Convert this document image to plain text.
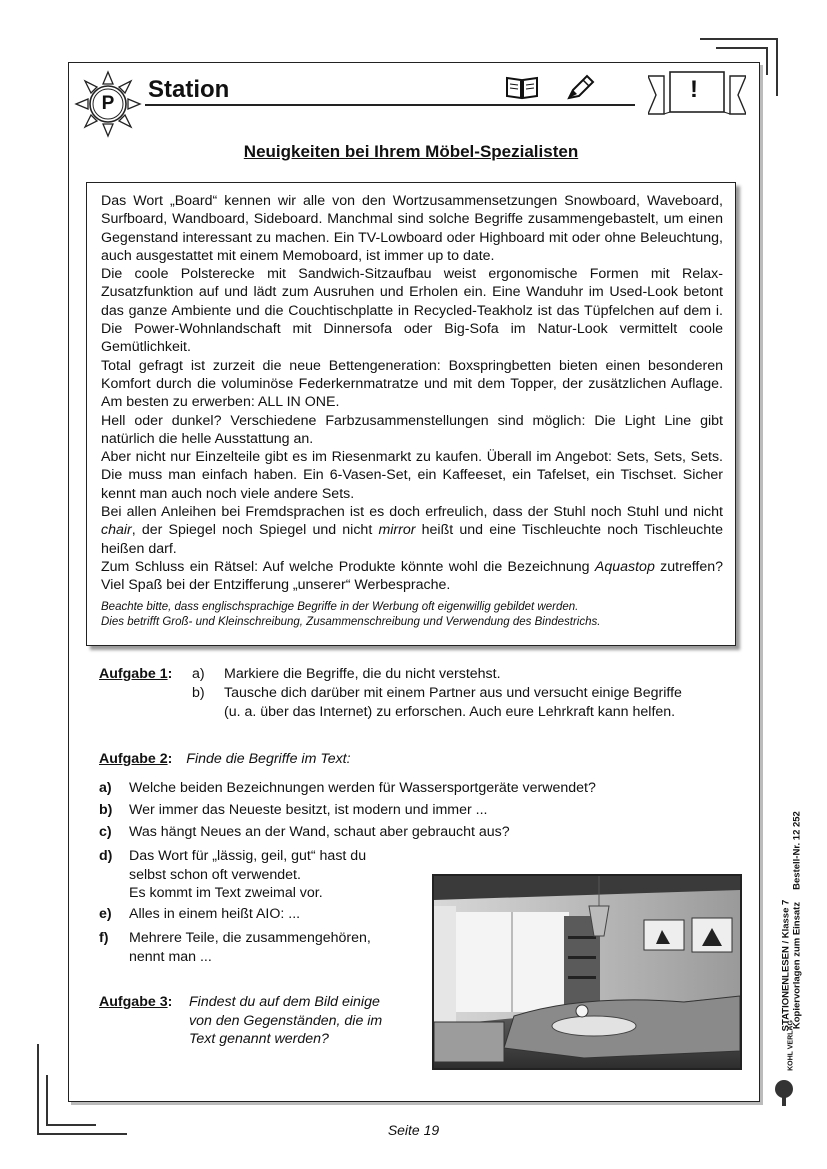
P
Station	!
Neuigkeiten bei Ihrem Möbel-Spezialisten

Das Wort „Board“ kennen wir alle von den Wortzusammensetzungen Snowboard, Waveboard, Surfboard, Wandboard, Sideboard. Manchmal sind solche Begriffe zusammengebastelt, um einen Gegenstand interessant zu machen. Ein TV-Lowboard oder Highboard mit oder ohne Beleuchtung, auch ausgestattet mit einem Memoboard, ist immer up to date.

Die coole Polsterecke mit Sandwich-Sitzaufbau weist ergonomische Formen mit Relax-Zusatzfunktion auf und lädt zum Ausruhen und Erholen ein. Eine Wanduhr im Used-Look betont das ganze Ambiente und die Couchtischplatte in Recycled-Teakholz ist das Tüpfelchen auf dem i. Die Power-Wohnlandschaft mit Dinnersofa oder Big-Sofa im Natur-Look vermittelt coole Gemütlichkeit.

Total gefragt ist zurzeit die neue Bettengeneration: Boxspringbetten bieten einen besonderen Komfort durch die voluminöse Federkernmatratze und mit dem Topper, der zusätzlichen Auflage. Am besten zu erwerben: ALL IN ONE.

Hell oder dunkel? Verschiedene Farbzusammenstellungen sind möglich: Die Light Line gibt natürlich die helle Ausstattung an.

Aber nicht nur Einzelteile gibt es im Riesenmarkt zu kaufen. Überall im Angebot: Sets, Sets, Sets. Die muss man einfach haben. Ein 6-Vasen-Set, ein Kaffeeset, ein Tafelset, ein Tischset. Sicher kennt man auch noch viele andere Sets.

Bei allen Anleihen bei Fremdsprachen ist es doch erfreulich, dass der Stuhl noch Stuhl und nicht chair, der Spiegel noch Spiegel und nicht mirror heißt und eine Tischleuchte noch Tischleuchte heißen darf.

Zum Schluss ein Rätsel: Auf welche Produkte könnte wohl die Bezeichnung Aquastop zutreffen? Viel Spaß bei der Entzifferung „unserer“ Werbesprache.

Beachte bitte, dass englischsprachige Begriffe in der Werbung oft eigenwillig gebildet werden.
Dies betrifft Groß- und Kleinschreibung, Zusammenschreibung und Verwendung des Bindestrichs.
Aufgabe 1: a) Markiere die Begriffe, die du nicht verstehst.
b) Tausche dich darüber mit einem Partner aus und versucht einige Begriffe
(u. a. über das Internet) zu erforschen. Auch eure Lehrkraft kann helfen.
Aufgabe 2: Finde die Begriffe im Text:
a) Welche beiden Bezeichnungen werden für Wassersportgeräte verwendet?
b) Wer immer das Neueste besitzt, ist modern und immer ...
c) Was hängt Neues an der Wand, schaut aber gebraucht aus?
d) Das Wort für „lässig, geil, gut“ hast du
selbst schon oft verwendet.
Es kommt im Text zweimal vor.
e) Alles in einem heißt AIO: ...
f) Mehrere Teile, die zusammengehören,
nennt man ...
Aufgabe 3: Findest du auf dem Bild einige
von den Gegenständen, die im
Text genannt werden?
Bestell-Nr. 12 252
STATIONENLESEN / Klasse 7 Kopiervorlagen zum Einsatz
KOHL VERLAG
Seite 19
